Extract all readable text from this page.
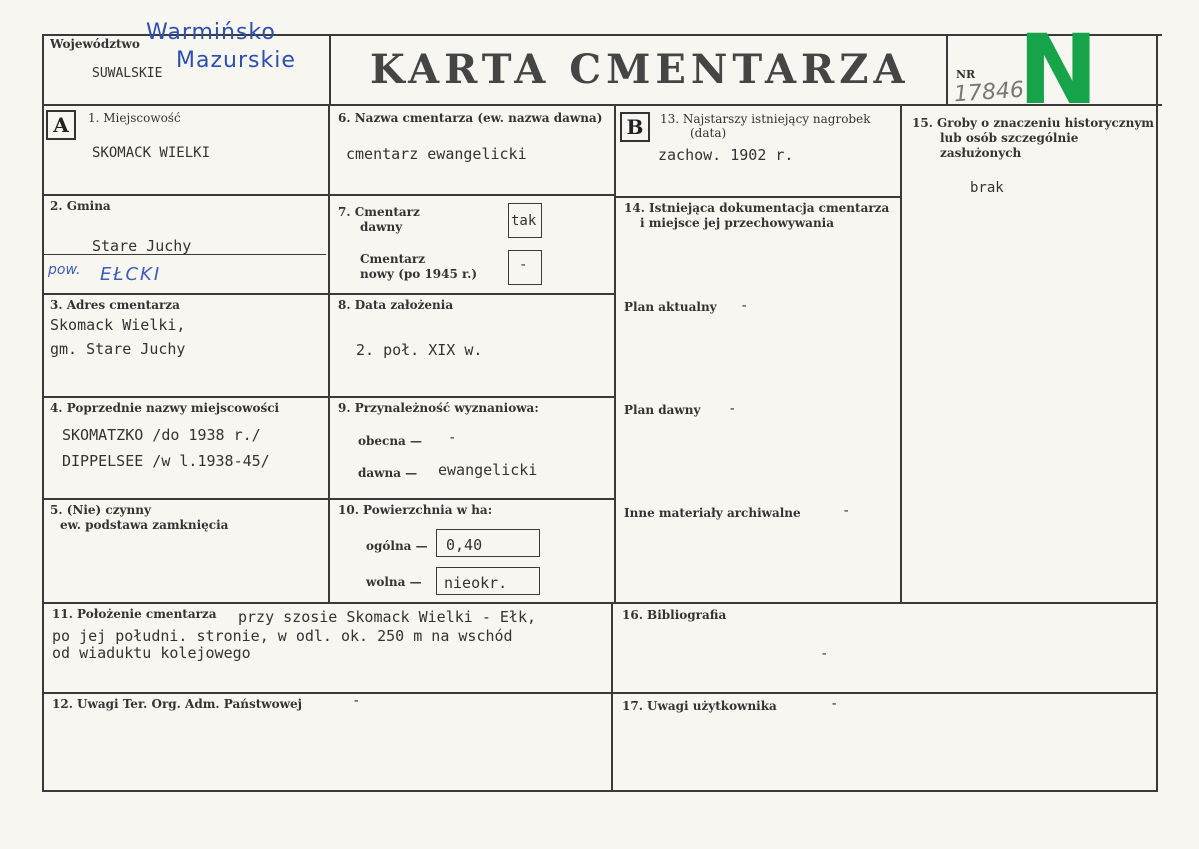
Województwo
SUWALSKIE
Warmińsko
Mazurskie KARTA CMENTARZA	NR
17846
N
A	B
1. Miejscowość
SKOMACK WIELKI
2. Gmina
Stare Juchy
pow. EŁCKI
3. Adres cmentarza
Skomack Wielki,
gm. Stare Juchy
4. Poprzednie nazwy miejscowości
SKOMATZKO /do 1938 r./
DIPPELSEE /w l.1938-45/
5. (Nie) czynny
ew. podstawa zamknięcia
6. Nazwa cmentarza (ew. nazwa dawna)
cmentarz ewangelicki
7. Cmentarz
dawny	tak
Cmentarz
nowy (po 1945 r.)
-
8. Data założenia
2. poł. XIX w.
9. Przynależność wyznaniowa:
obecna — -
dawna — ewangelicki
10. Powierzchnia w ha:
ogólna — 0,40
wolna — nieokr.
13. Najstarszy istniejący nagrobek
(data)
zachow. 1902 r.
14. Istniejąca dokumentacja cmentarza
i miejsce jej przechowywania
Plan aktualny -
Plan dawny -
Inne materiały archiwalne	-
15. Groby o znaczeniu historycznym
lub osób szczególnie
zasłużonych
brak
11. Położenie cmentarza przy szosie Skomack Wielki - Ełk,
po jej południ. stronie, w odl. ok. 250 m na wschód
od wiaduktu kolejowego
12. Uwagi Ter. Org. Adm. Państwowej	-
16. Bibliografia
-
17. Uwagi użytkownika	-
